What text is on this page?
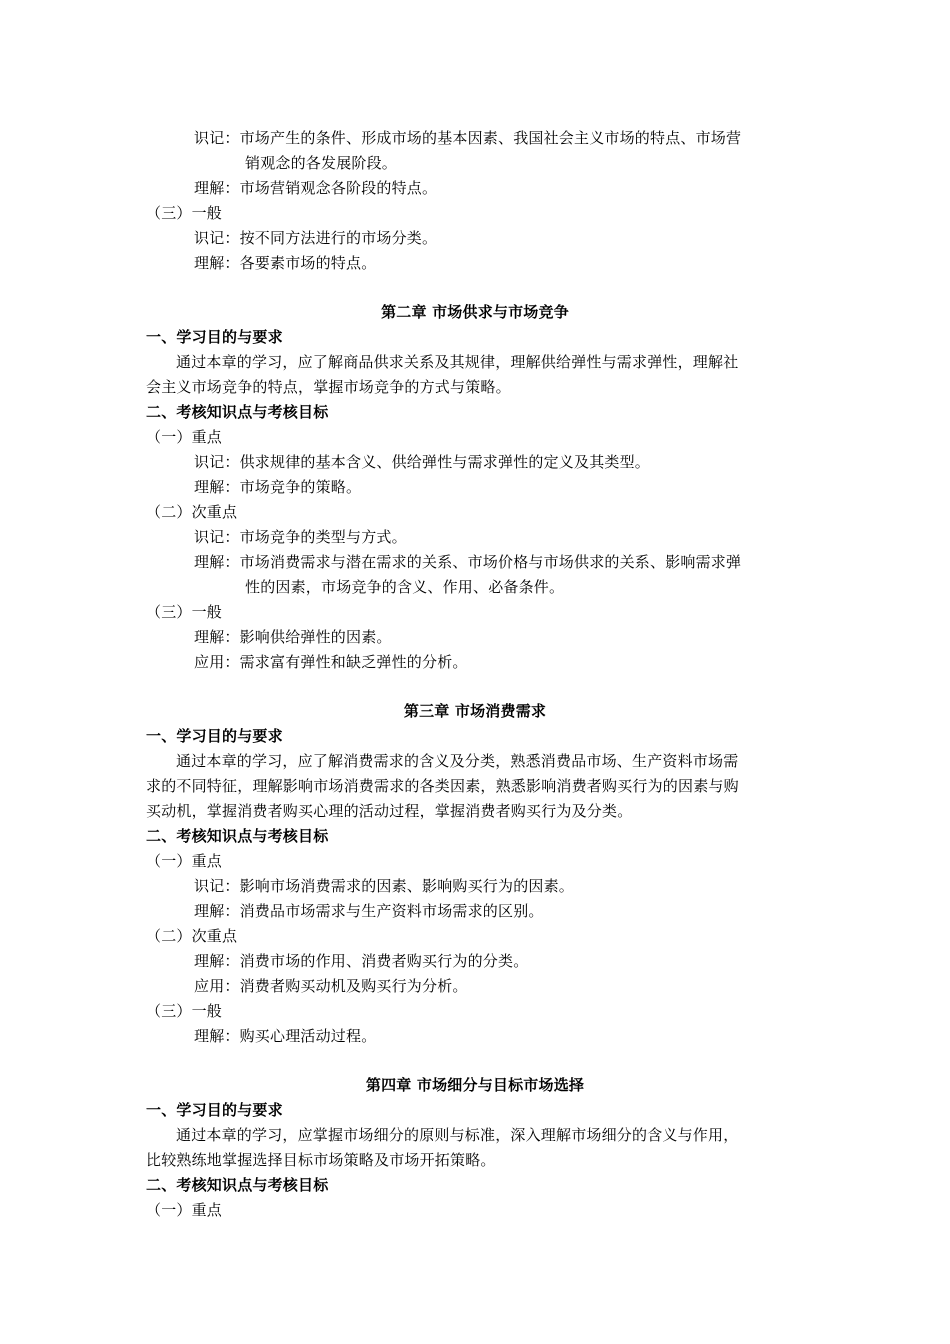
识记：市场产生的条件、形成市场的基本因素、我国社会主义市场的特点、市场营
销观念的各发展阶段。
理解：市场营销观念各阶段的特点。
（三）一般
识记：按不同方法进行的市场分类。
理解：各要素市场的特点。
第二章 市场供求与市场竞争
一、学习目的与要求
通过本章的学习，应了解商品供求关系及其规律，理解供给弹性与需求弹性，理解社
会主义市场竞争的特点，掌握市场竞争的方式与策略。
二、考核知识点与考核目标
（一）重点
识记：供求规律的基本含义、供给弹性与需求弹性的定义及其类型。
理解：市场竞争的策略。
（二）次重点
识记：市场竞争的类型与方式。
理解：市场消费需求与潜在需求的关系、市场价格与市场供求的关系、影响需求弹
性的因素，市场竞争的含义、作用、必备条件。
（三）一般
理解：影响供给弹性的因素。
应用：需求富有弹性和缺乏弹性的分析。
第三章 市场消费需求
一、学习目的与要求
通过本章的学习，应了解消费需求的含义及分类，熟悉消费品市场、生产资料市场需
求的不同特征，理解影响市场消费需求的各类因素，熟悉影响消费者购买行为的因素与购
买动机，掌握消费者购买心理的活动过程，掌握消费者购买行为及分类。
二、考核知识点与考核目标
（一）重点
识记：影响市场消费需求的因素、影响购买行为的因素。
理解：消费品市场需求与生产资料市场需求的区别。
（二）次重点
理解：消费市场的作用、消费者购买行为的分类。
应用：消费者购买动机及购买行为分析。
（三）一般
理解：购买心理活动过程。
第四章 市场细分与目标市场选择
一、学习目的与要求
通过本章的学习，应掌握市场细分的原则与标准，深入理解市场细分的含义与作用，
比较熟练地掌握选择目标市场策略及市场开拓策略。
二、考核知识点与考核目标
（一）重点
